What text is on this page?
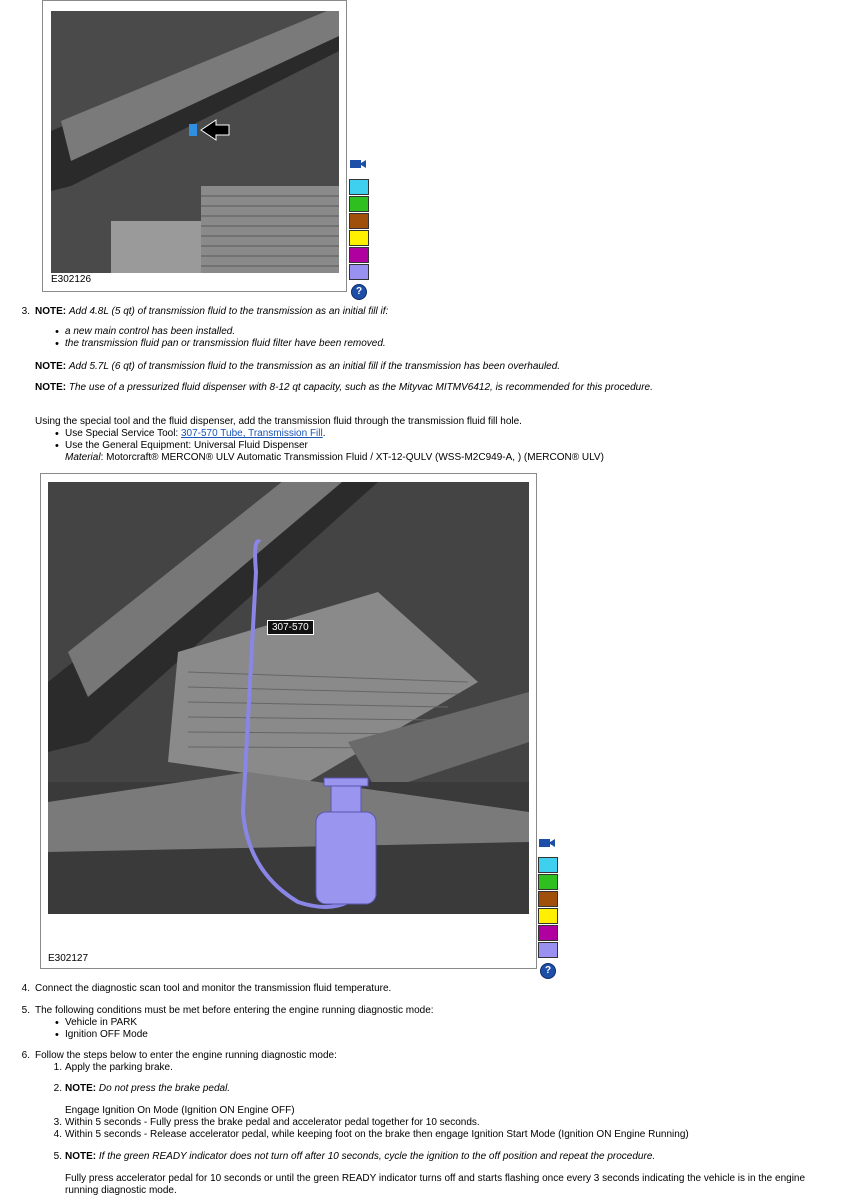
E302126
?
3. NOTE: Add 4.8L (5 qt) of transmission fluid to the transmission as an initial fill if:
• a new main control has been installed.
• the transmission fluid pan or transmission fluid filter have been removed.
NOTE: Add 5.7L (6 qt) of transmission fluid to the transmission as an initial fill if the transmission has been overhauled.
NOTE: The use of a pressurized fluid dispenser with 8-12 qt capacity, such as the Mityvac MITMV6412, is recommended for this procedure.
Using the special tool and the fluid dispenser, add the transmission fluid through the transmission fluid fill hole.
• Use Special Service Tool: 307-570 Tube, Transmission Fill.
• Use the General Equipment: Universal Fluid Dispenser
Material: Motorcraft® MERCON® ULV Automatic Transmission Fluid / XT-12-QULV (WSS-M2C949-A, ) (MERCON® ULV)
307-570
E302127
?
4. Connect the diagnostic scan tool and monitor the transmission fluid temperature.
5. The following conditions must be met before entering the engine running diagnostic mode:
• Vehicle in PARK
• Ignition OFF Mode
6. Follow the steps below to enter the engine running diagnostic mode:
1. Apply the parking brake.
2. NOTE: Do not press the brake pedal.
Engage Ignition On Mode (Ignition ON Engine OFF)
3. Within 5 seconds - Fully press the brake pedal and accelerator pedal together for 10 seconds.
4. Within 5 seconds - Release accelerator pedal, while keeping foot on the brake then engage Ignition Start Mode (Ignition ON Engine Running)
5. NOTE: If the green READY indicator does not turn off after 10 seconds, cycle the ignition to the off position and repeat the procedure.
Fully press accelerator pedal for 10 seconds or until the green READY indicator turns off and starts flashing once every 3 seconds indicating the vehicle is in the engine
running diagnostic mode.
